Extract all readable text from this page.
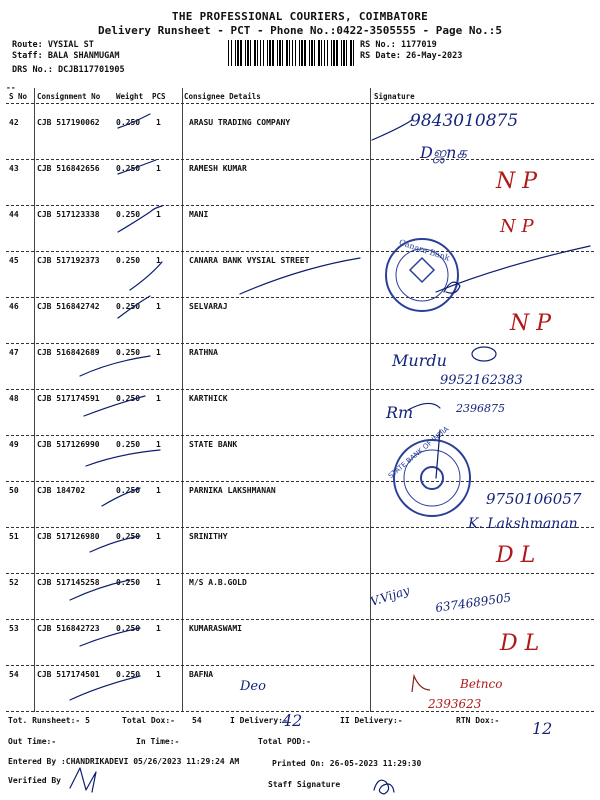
THE PROFESSIONAL COURIERS, COIMBATORE
Delivery Runsheet - PCT - Phone No.:0422-3505555 - Page No.:5
Route: VYSIAL ST
Staff: BALA SHANMUGAM
DRS No.: DCJB117701905
RS No.: 1177019
RS Date: 26-May-2023
--
S No Consignment No Weight PCS Consignee Details	Signature
42 CJB 517190062 0.250 1	ARASU TRADING COMPANY
43 CJB 516842656 0.250 1	RAMESH KUMAR
44 CJB 517123338 0.250 1	MANI
45 CJB 517192373 0.250 1	CANARA BANK VYSIAL STREET
46 CJB 516842742 0.250 1	SELVARAJ
47 CJB 516842689 0.250 1	RATHNA
48 CJB 517174591 0.250 1	KARTHICK
49 CJB 517126990 0.250 1	STATE BANK
50 CJB 184702	0.250 1	PARNIKA LAKSHMANAN
51 CJB 517126980 0.250 1	SRINITHY
52 CJB 517145258 0.250 1	M/S A.B.GOLD
53 CJB 516842723 0.250 1	KUMARASWAMI
54 CJB 517174501 0.250 1	BAFNA
Tot. Runsheet:- 5	Total Dox:- 54	I Delivery:-	II Delivery:-	RTN Dox:-
Out Time:-	In Time:-	Total POD:-
Entered By :CHANDRIKADEVI 05/26/2023 11:29:24 AM	Printed On: 26-05-2023 11:29:30
Verified By	Staff Signature
9843010875
Dஜnக
N P
N P
Canara Bank
N P
Murdu
9952162383
Rm	2396875
STATE BANK OF INDIA
9750106057
K. Lakshmanan
D L
V.Vijay 6374689505
D L
Deo	Betnco
2393623
42	12
